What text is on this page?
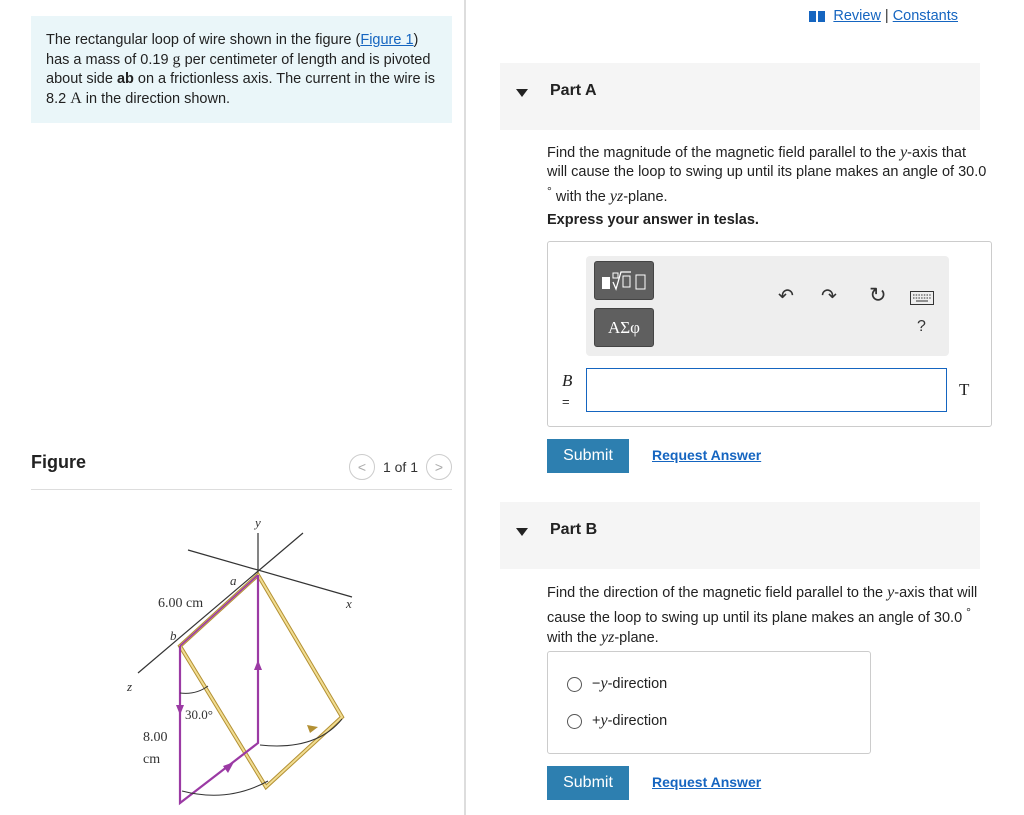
The rectangular loop of wire shown in the figure (Figure 1) has a mass of 0.19 g per centimeter of length and is pivoted about side ab on a frictionless axis. The current in the wire is 8.2 A in the direction shown.
Figure	<	1 of 1	>
y
x
z
a
b
6.00 cm
8.00
cm
30.0°
Review | Constants
Part A
Find the magnitude of the magnetic field parallel to the y-axis that will cause the loop to swing up until its plane makes an angle of 30.0 ° with the yz-plane.
Express your answer in teslas.
ΑΣφ
↶ ↷ ↻
?
B
=
T
Submit	Request Answer
Part B
Find the direction of the magnetic field parallel to the y-axis that will cause the loop to swing up until its plane makes an angle of 30.0 ° with the yz-plane.
−y-direction
+y-direction
Submit	Request Answer
